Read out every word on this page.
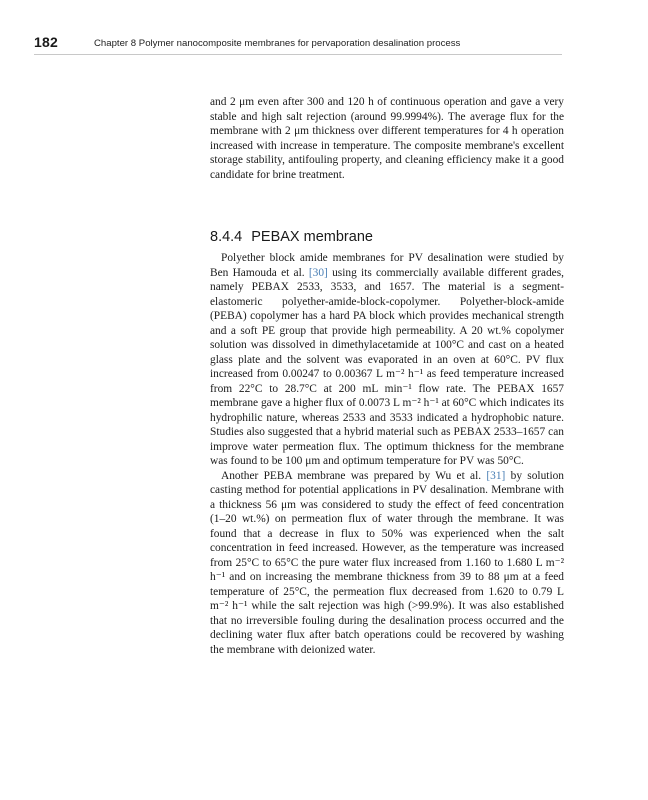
182	Chapter 8 Polymer nanocomposite membranes for pervaporation desalination process

and 2 μm even after 300 and 120 h of continuous operation and gave a very stable and high salt rejection (around 99.9994%). The average flux for the membrane with 2 μm thickness over different temperatures for 4 h operation increased with increase in temperature. The composite membrane's excellent storage stability, antifouling property, and cleaning efficiency make it a good candidate for brine treatment.

8.4.4 PEBAX membrane

Polyether block amide membranes for PV desalination were studied by Ben Hamouda et al. [30] using its commercially available different grades, namely PEBAX 2533, 3533, and 1657. The material is a segment-elastomeric polyether-amide-block-copolymer. Polyether-block-amide (PEBA) copolymer has a hard PA block which provides mechanical strength and a soft PE group that provide high permeability. A 20 wt.% copolymer solution was dissolved in dimethylacetamide at 100°C and cast on a heated glass plate and the solvent was evaporated in an oven at 60°C. PV flux increased from 0.00247 to 0.00367 L m⁻² h⁻¹ as feed temperature increased from 22°C to 28.7°C at 200 mL min⁻¹ flow rate. The PEBAX 1657 membrane gave a higher flux of 0.0073 L m⁻² h⁻¹ at 60°C which indicates its hydrophilic nature, whereas 2533 and 3533 indicated a hydrophobic nature. Studies also suggested that a hybrid material such as PEBAX 2533–1657 can improve water permeation flux. The optimum thickness for the membrane was found to be 100 μm and optimum temperature for PV was 50°C.

Another PEBA membrane was prepared by Wu et al. [31] by solution casting method for potential applications in PV desalination. Membrane with a thickness 56 μm was considered to study the effect of feed concentration (1–20 wt.%) on permeation flux of water through the membrane. It was found that a decrease in flux to 50% was experienced when the salt concentration in feed increased. However, as the temperature was increased from 25°C to 65°C the pure water flux increased from 1.160 to 1.680 L m⁻² h⁻¹ and on increasing the membrane thickness from 39 to 88 μm at a feed temperature of 25°C, the permeation flux decreased from 1.620 to 0.79 L m⁻² h⁻¹ while the salt rejection was high (>99.9%). It was also established that no irreversible fouling during the desalination process occurred and the declining water flux after batch operations could be recovered by washing the membrane with deionized water.
